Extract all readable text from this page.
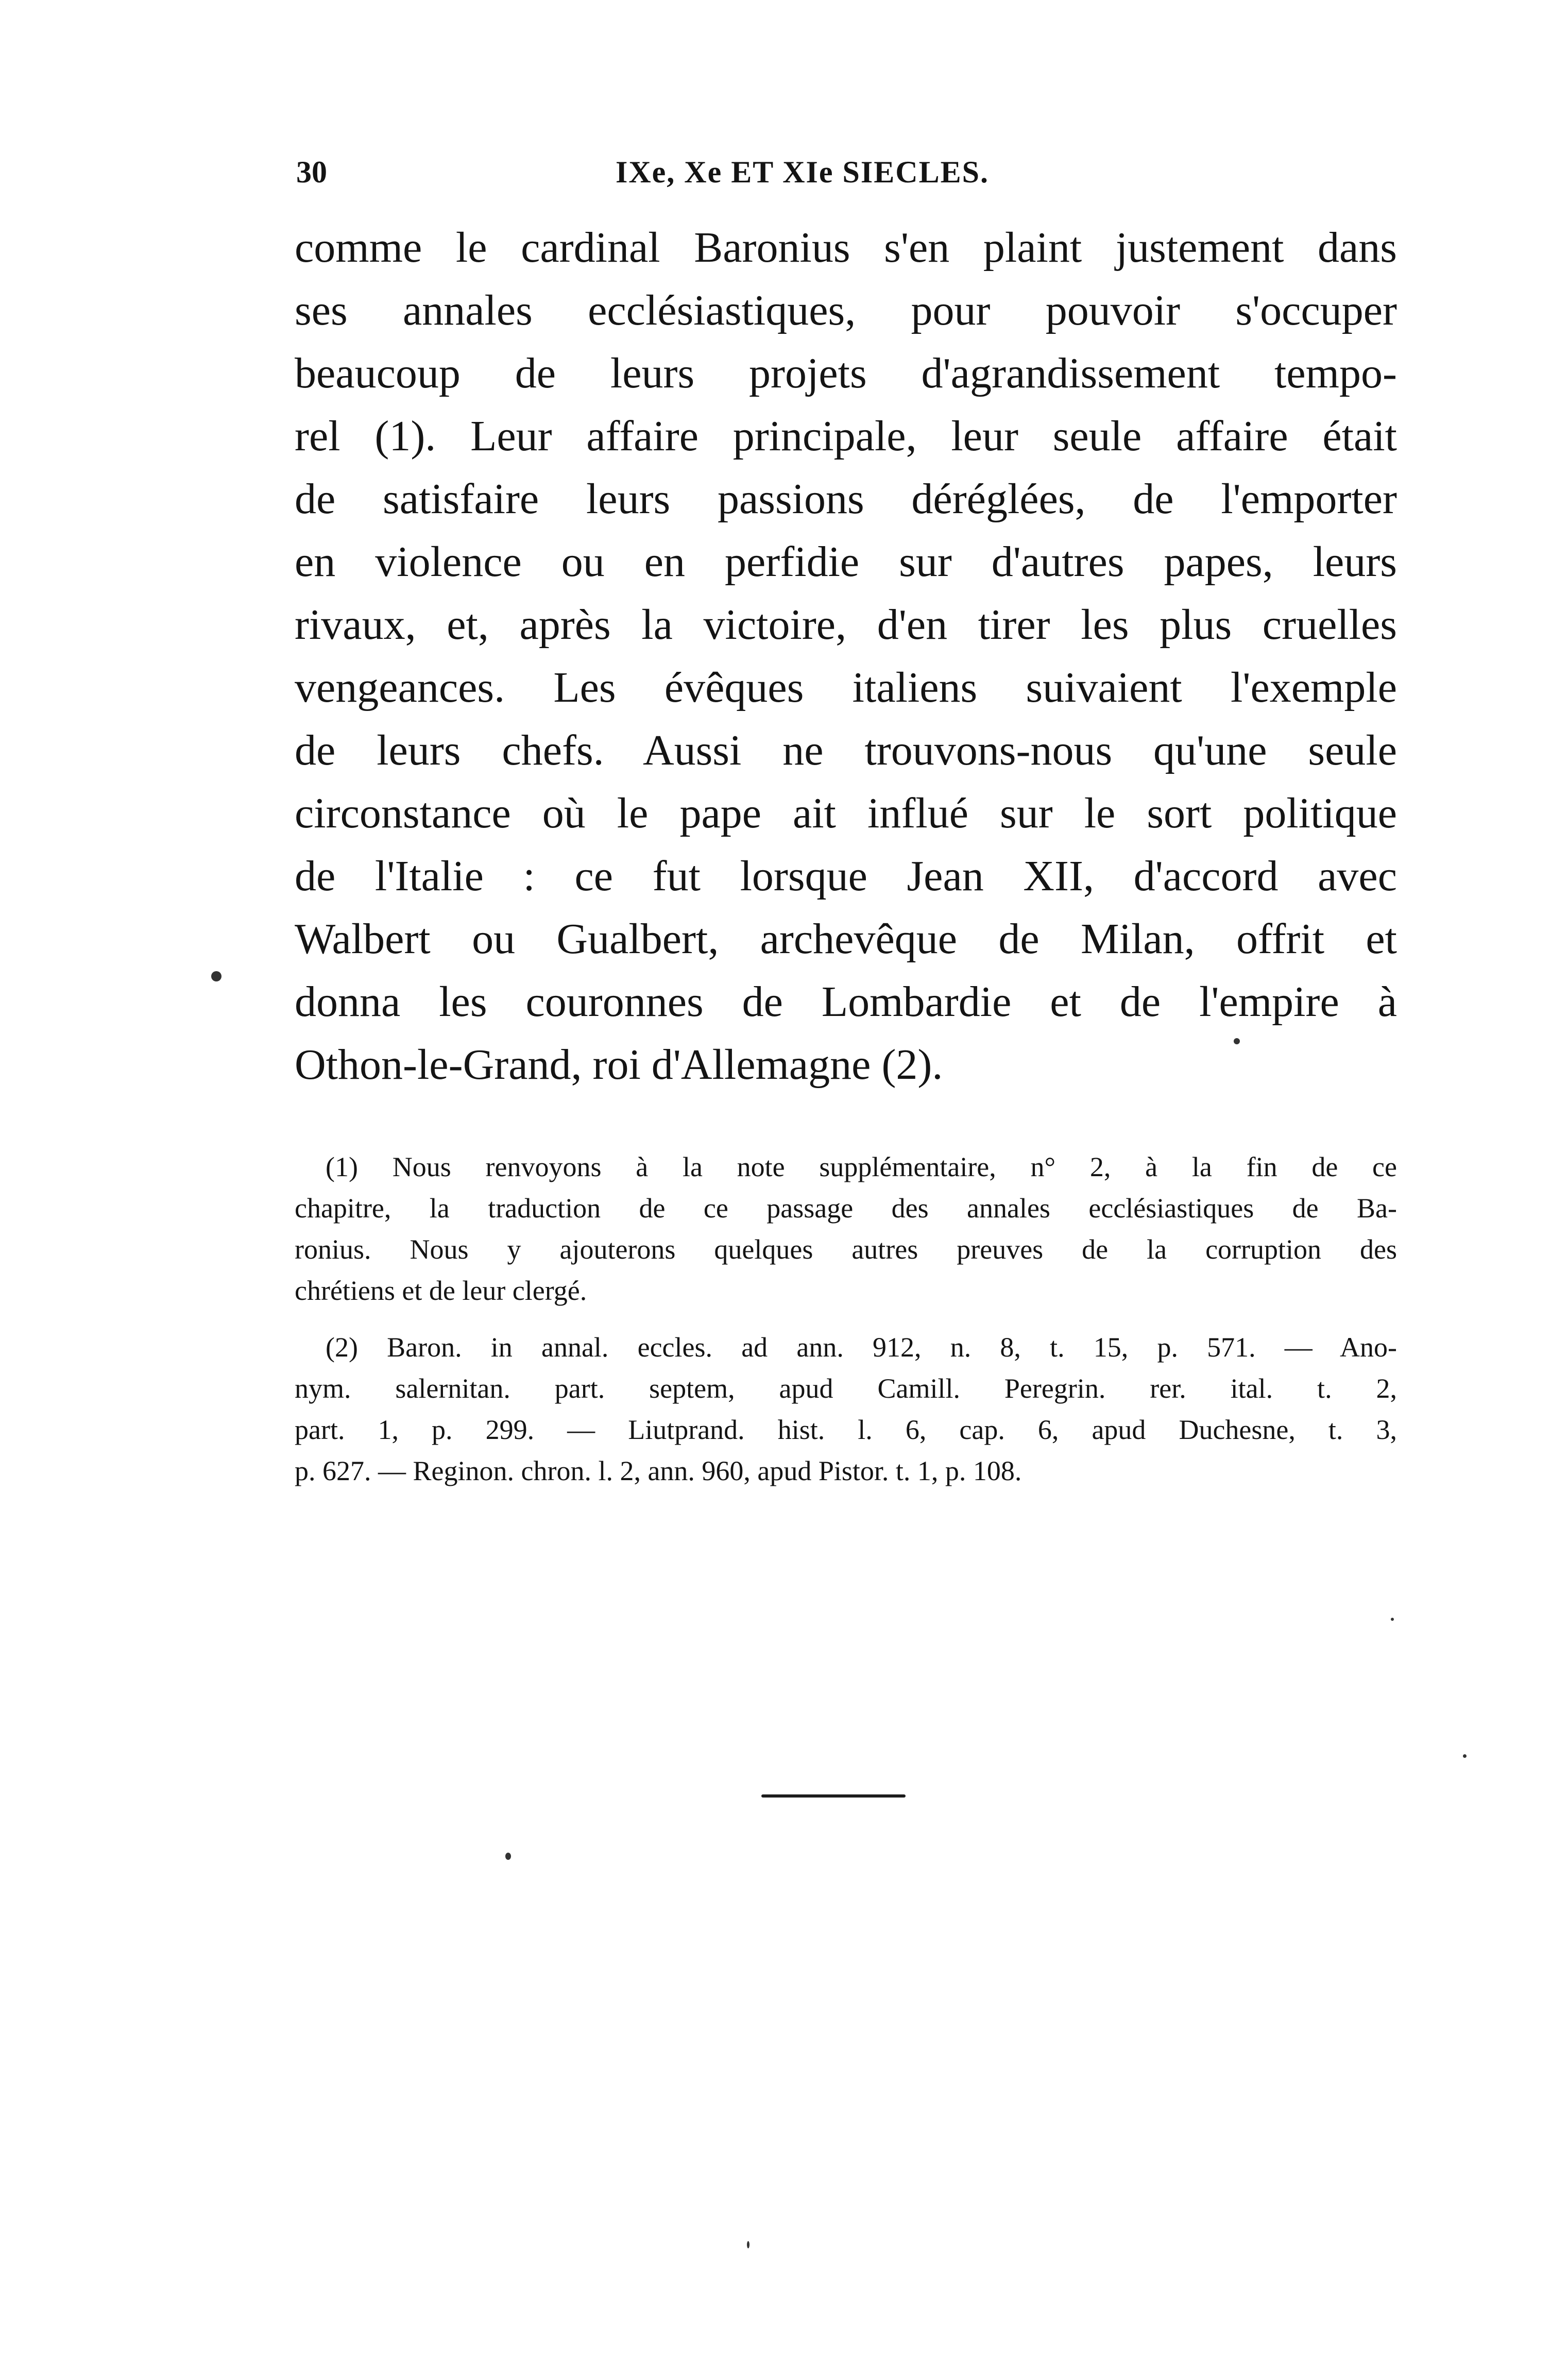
30	IXe, Xe ET XIe SIECLES.
comme le cardinal Baronius s'en plaint justement dans
ses annales ecclésiastiques, pour pouvoir s'occuper
beaucoup de leurs projets d'agrandissement tempo-
rel (1). Leur affaire principale, leur seule affaire était
de satisfaire leurs passions déréglées, de l'emporter
en violence ou en perfidie sur d'autres papes, leurs
rivaux, et, après la victoire, d'en tirer les plus cruelles
vengeances. Les évêques italiens suivaient l'exemple
de leurs chefs. Aussi ne trouvons-nous qu'une seule
circonstance où le pape ait influé sur le sort politique
de l'Italie : ce fut lorsque Jean XII, d'accord avec
Walbert ou Gualbert, archevêque de Milan, offrit et
donna les couronnes de Lombardie et de l'empire à
Othon-le-Grand, roi d'Allemagne (2).
(1) Nous renvoyons à la note supplémentaire, n° 2, à la fin de ce
chapitre, la traduction de ce passage des annales ecclésiastiques de Ba-
ronius. Nous y ajouterons quelques autres preuves de la corruption des
chrétiens et de leur clergé.
(2) Baron. in annal. eccles. ad ann. 912, n. 8, t. 15, p. 571. — Ano-
nym. salernitan. part. septem, apud Camill. Peregrin. rer. ital. t. 2,
part. 1, p. 299. — Liutprand. hist. l. 6, cap. 6, apud Duchesne, t. 3,
p. 627. — Reginon. chron. l. 2, ann. 960, apud Pistor. t. 1, p. 108.
